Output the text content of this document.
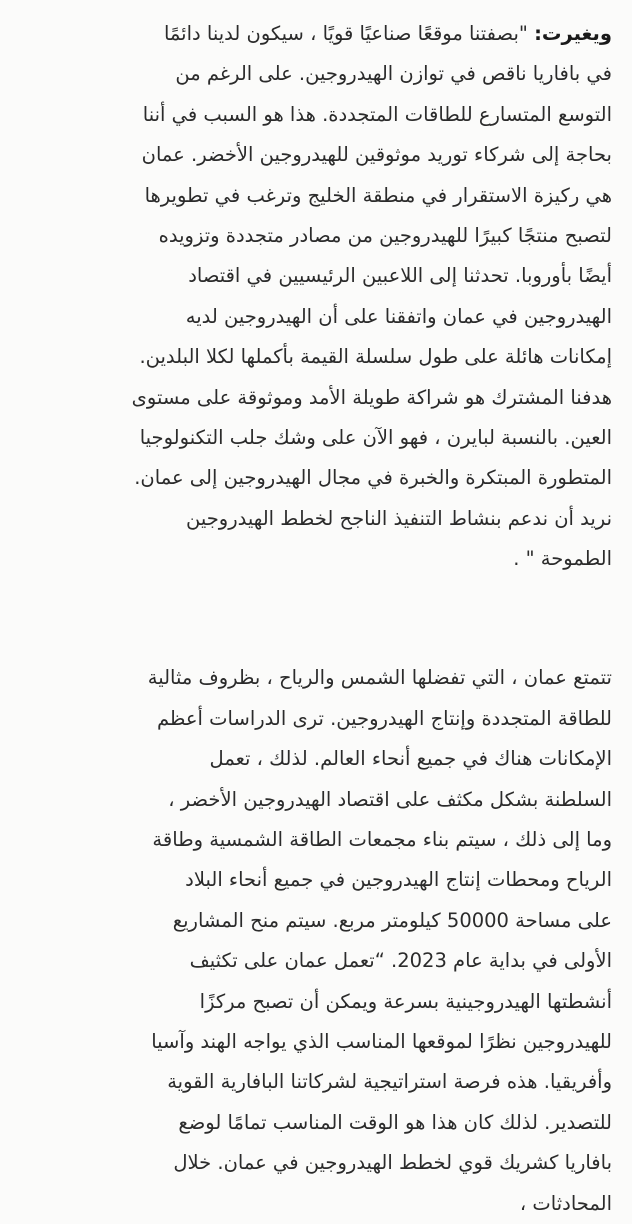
ويغيرت: "بصفتنا موقعًا صناعيًا قويًا ، سيكون لدينا دائمًا
في بافاريا ناقص في توازن الهيدروجين. على الرغم من
التوسع المتسارع للطاقات المتجددة. هذا هو السبب في أننا
بحاجة إلى شركاء توريد موثوقين للهيدروجين الأخضر. عمان
هي ركيزة الاستقرار في منطقة الخليج وترغب في تطويرها
لتصبح منتجًا كبيرًا للهيدروجين من مصادر متجددة وتزويده
أيضًا بأوروبا. تحدثنا إلى اللاعبين الرئيسيين في اقتصاد
الهيدروجين في عمان واتفقنا على أن الهيدروجين لديه
إمكانات هائلة على طول سلسلة القيمة بأكملها لكلا البلدين.
هدفنا المشترك هو شراكة طويلة الأمد وموثوقة على مستوى
العين. بالنسبة لبايرن ، فهو الآن على وشك جلب التكنولوجيا
المتطورة المبتكرة والخبرة في مجال الهيدروجين إلى عمان.
نريد أن ندعم بنشاط التنفيذ الناجح لخطط الهيدروجين
الطموحة " .
تتمتع عمان ، التي تفضلها الشمس والرياح ، بظروف مثالية
للطاقة المتجددة وإنتاج الهيدروجين. ترى الدراسات أعظم
الإمكانات هناك في جميع أنحاء العالم. لذلك ، تعمل
السلطنة بشكل مكثف على اقتصاد الهيدروجين الأخضر ،
وما إلى ذلك ، سيتم بناء مجمعات الطاقة الشمسية وطاقة
الرياح ومحطات إنتاج الهيدروجين في جميع أنحاء البلاد
على مساحة 50000 كيلومتر مربع. سيتم منح المشاريع
الأولى في بداية عام 2023. “تعمل عمان على تكثيف
أنشطتها الهيدروجينية بسرعة ويمكن أن تصبح مركزًا
للهيدروجين نظرًا لموقعها المناسب الذي يواجه الهند وآسيا
وأفريقيا. هذه فرصة استراتيجية لشركاتنا البافارية القوية
للتصدير. لذلك كان هذا هو الوقت المناسب تمامًا لوضع
بافاريا كشريك قوي لخطط الهيدروجين في عمان. خلال
المحادثات ،
